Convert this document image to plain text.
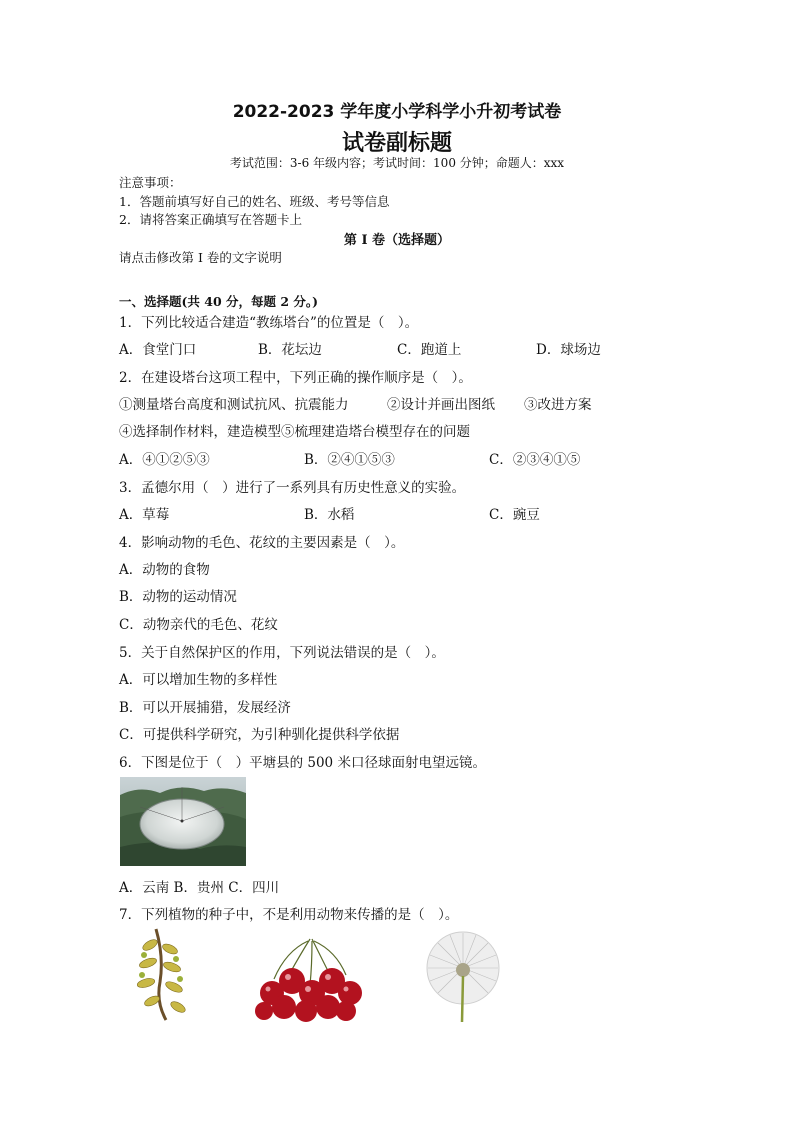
2022-2023 学年度小学科学小升初考试卷
试卷副标题
考试范围：3-6 年级内容；考试时间：100 分钟；命题人：xxx
注意事项：
1．答题前填写好自己的姓名、班级、考号等信息
2．请将答案正确填写在答题卡上
第 I 卷（选择题）
请点击修改第 I 卷的文字说明
一、选择题(共 40 分，每题 2 分。)
1．下列比较适合建造“教练塔台”的位置是（　）。
A．食堂门口	B．花坛边	C．跑道上	D．球场边
2．在建设塔台这项工程中，下列正确的操作顺序是（　）。
①测量塔台高度和测试抗风、抗震能力	②设计并画出图纸 ③改进方案
④选择制作材料，建造模型⑤梳理建造塔台模型存在的问题
A．④①②⑤③	B．②④①⑤③	C．②③④①⑤
3．孟德尔用（　）进行了一系列具有历史性意义的实验。
A．草莓	B．水稻	C．豌豆
4．影响动物的毛色、花纹的主要因素是（　）。
A．动物的食物
B．动物的运动情况
C．动物亲代的毛色、花纹
5．关于自然保护区的作用，下列说法错误的是（　）。
A．可以增加生物的多样性
B．可以开展捕猎，发展经济
C．可提供科学研究，为引种驯化提供科学依据
6．下图是位于（　）平塘县的 500 米口径球面射电望远镜。
A．云南 B．贵州 C．四川
7．下列植物的种子中，不是利用动物来传播的是（　）。
